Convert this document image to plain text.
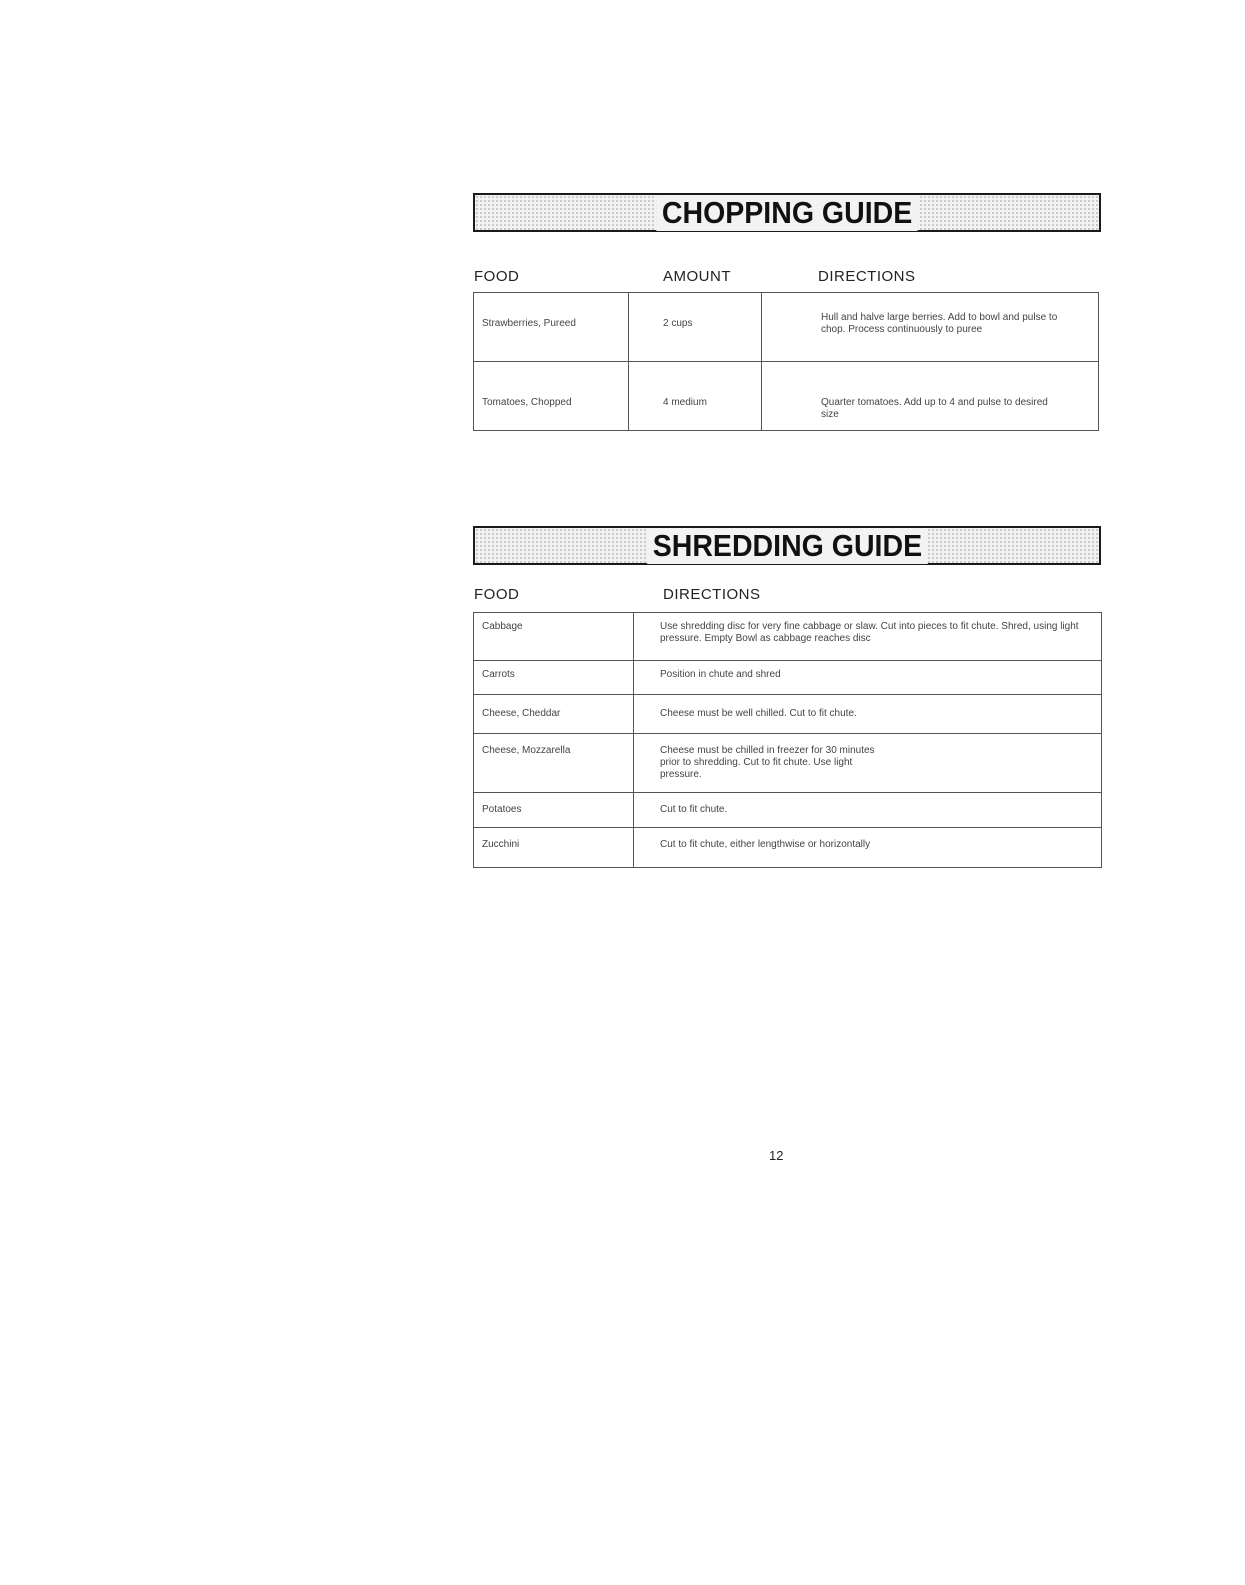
CHOPPING GUIDE
FOOD	AMOUNT	DIRECTIONS
Strawberries, Pureed	2 cups	Hull and halve large berries. Add to bowl and pulse to chop. Process continuously to puree

Tomatoes, Chopped	4 medium	Quarter tomatoes. Add up to 4 and pulse to desired size
SHREDDING GUIDE
FOOD	DIRECTIONS
Cabbage	Use shredding disc for very fine cabbage or slaw. Cut into pieces to fit chute. Shred, using light pressure. Empty Bowl as cabbage reaches disc

Carrots	Position in chute and shred

Cheese, Cheddar	Cheese must be well chilled. Cut to fit chute.

Cheese, Mozzarella	Cheese must be chilled in freezer for 30 minutes prior to shredding. Cut to fit chute. Use light pressure.

Potatoes	Cut to fit chute.

Zucchini	Cut to fit chute, either lengthwise or horizontally
12
